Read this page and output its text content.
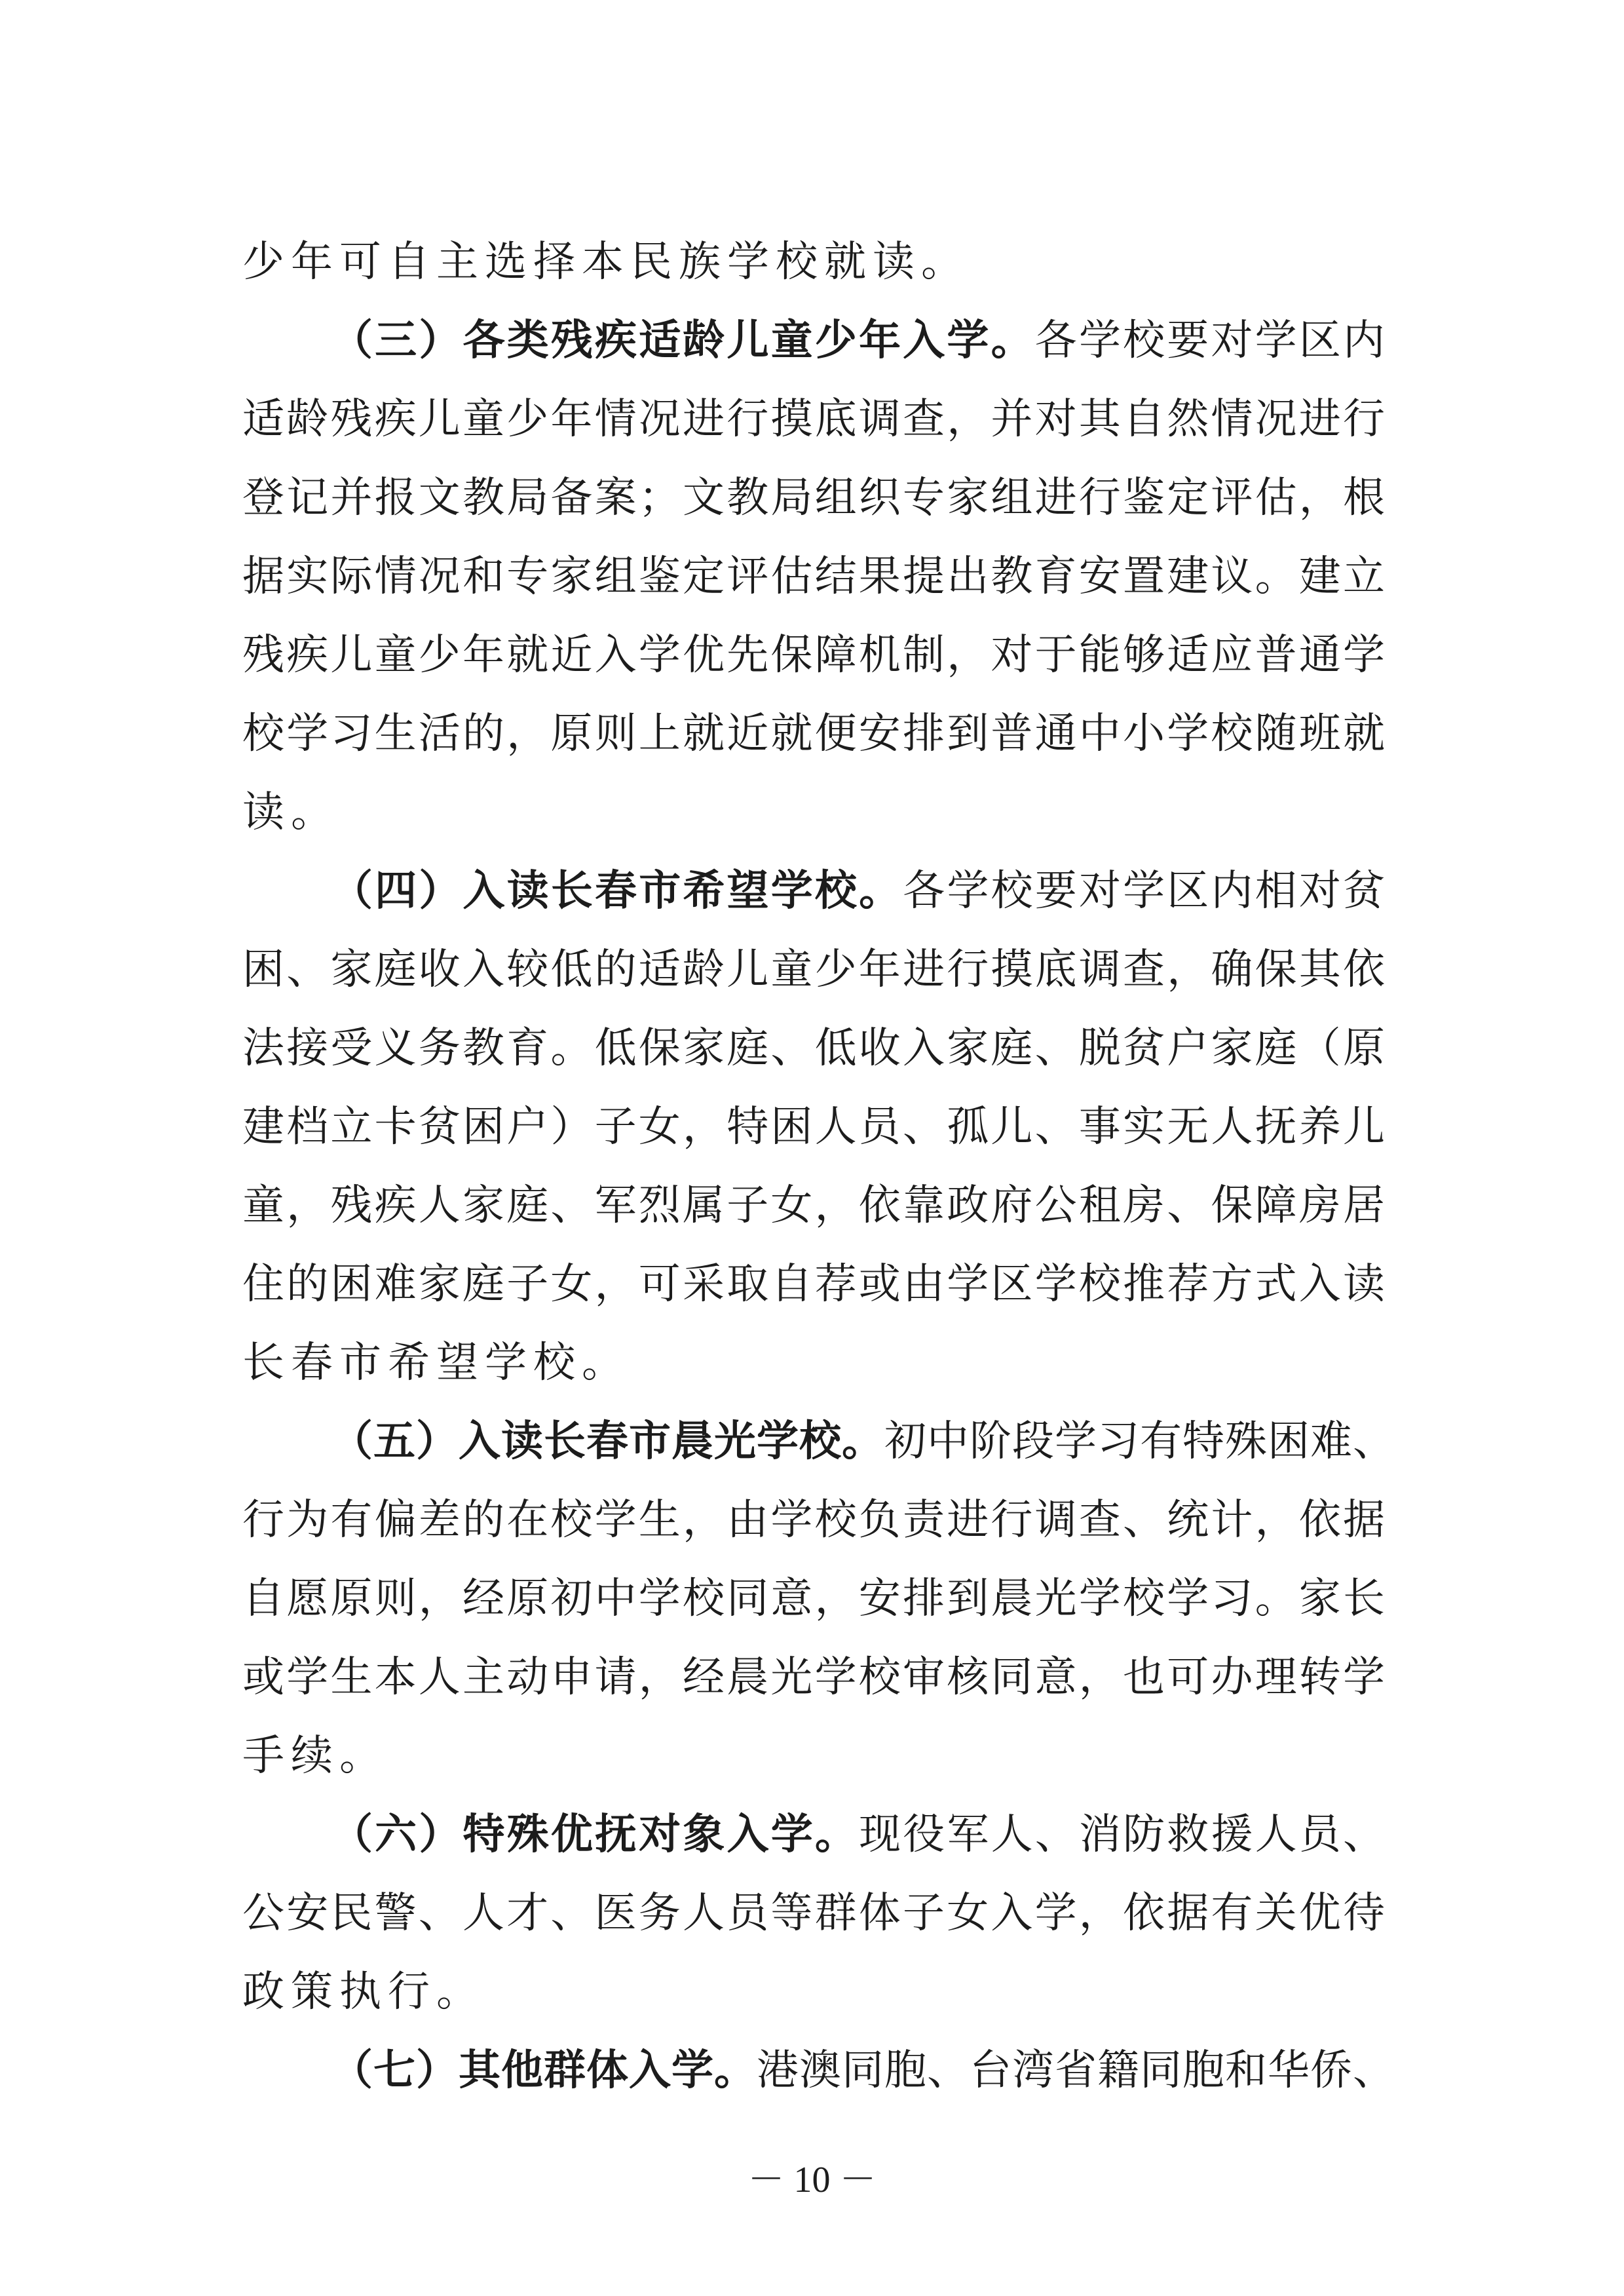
少年可自主选择本民族学校就读。
（三）各类残疾适龄儿童少年入学。各学校要对学区内
适龄残疾儿童少年情况进行摸底调查，并对其自然情况进行
登记并报文教局备案；文教局组织专家组进行鉴定评估，根
据实际情况和专家组鉴定评估结果提出教育安置建议。建立
残疾儿童少年就近入学优先保障机制，对于能够适应普通学
校学习生活的，原则上就近就便安排到普通中小学校随班就
读。
（四）入读长春市希望学校。各学校要对学区内相对贫
困、家庭收入较低的适龄儿童少年进行摸底调查，确保其依
法接受义务教育。低保家庭、低收入家庭、脱贫户家庭（原
建档立卡贫困户）子女，特困人员、孤儿、事实无人抚养儿
童，残疾人家庭、军烈属子女，依靠政府公租房、保障房居
住的困难家庭子女，可采取自荐或由学区学校推荐方式入读
长春市希望学校。
（五）入读长春市晨光学校。初中阶段学习有特殊困难、
行为有偏差的在校学生，由学校负责进行调查、统计，依据
自愿原则，经原初中学校同意，安排到晨光学校学习。家长
或学生本人主动申请，经晨光学校审核同意，也可办理转学
手续。
（六）特殊优抚对象入学。现役军人、消防救援人员、
公安民警、人才、医务人员等群体子女入学，依据有关优待
政策执行。
（七）其他群体入学。港澳同胞、台湾省籍同胞和华侨、
－ 10 －
